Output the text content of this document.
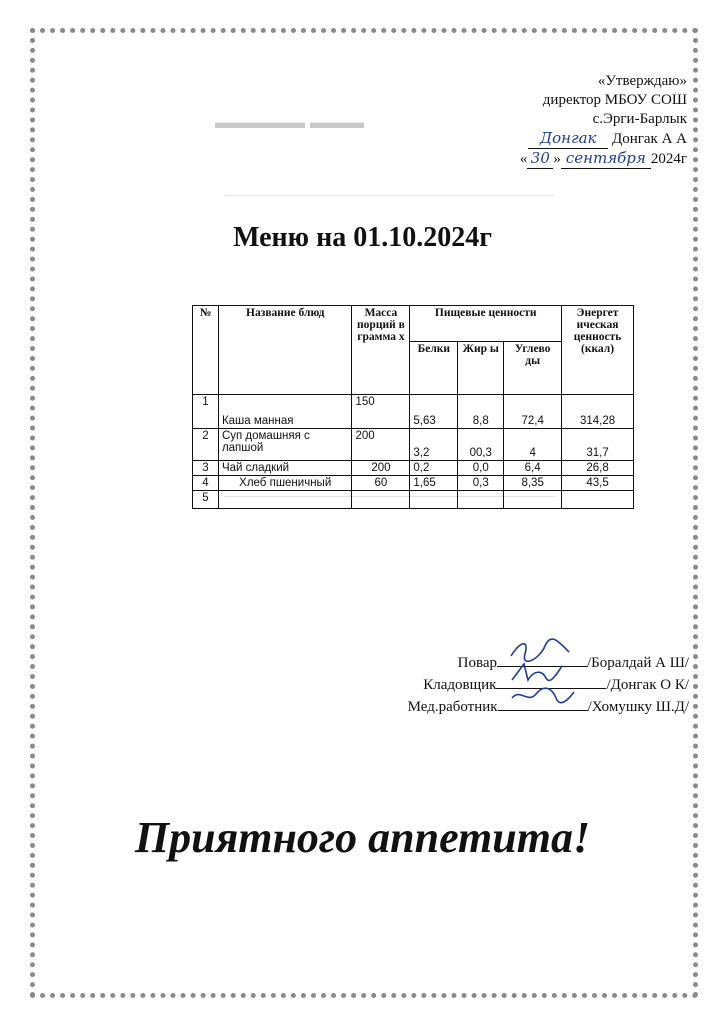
▬▬▬ ▬▬▬▬▬
«Утверждаю»
директор МБОУ СОШ
с.Эрги-Барлык
Донгак Донгак А А
« 30 » сентября 2024г
Меню на 01.10.2024г
№	Название блюд	Масса порций в грамма х	Пищевые ценности			Энергет ическая ценность (ккал)
			Белки	Жир ы	Углево ды	
1	Каша манная	150	5,63	8,8	72,4	314,28
2	Суп домашняя с лапшой	200	3,2	00,3	4	31,7
3	Чай сладкий	200	0,2	0,0	6,4	26,8
4	Хлеб пшеничный	60	1,65	0,3	8,35	43,5
5						
Повар	/Боралдай А Ш/
Кладовщик	/Донгак О К/
Мед.работник	/Хомушку Ш.Д/
Приятного аппетита!
